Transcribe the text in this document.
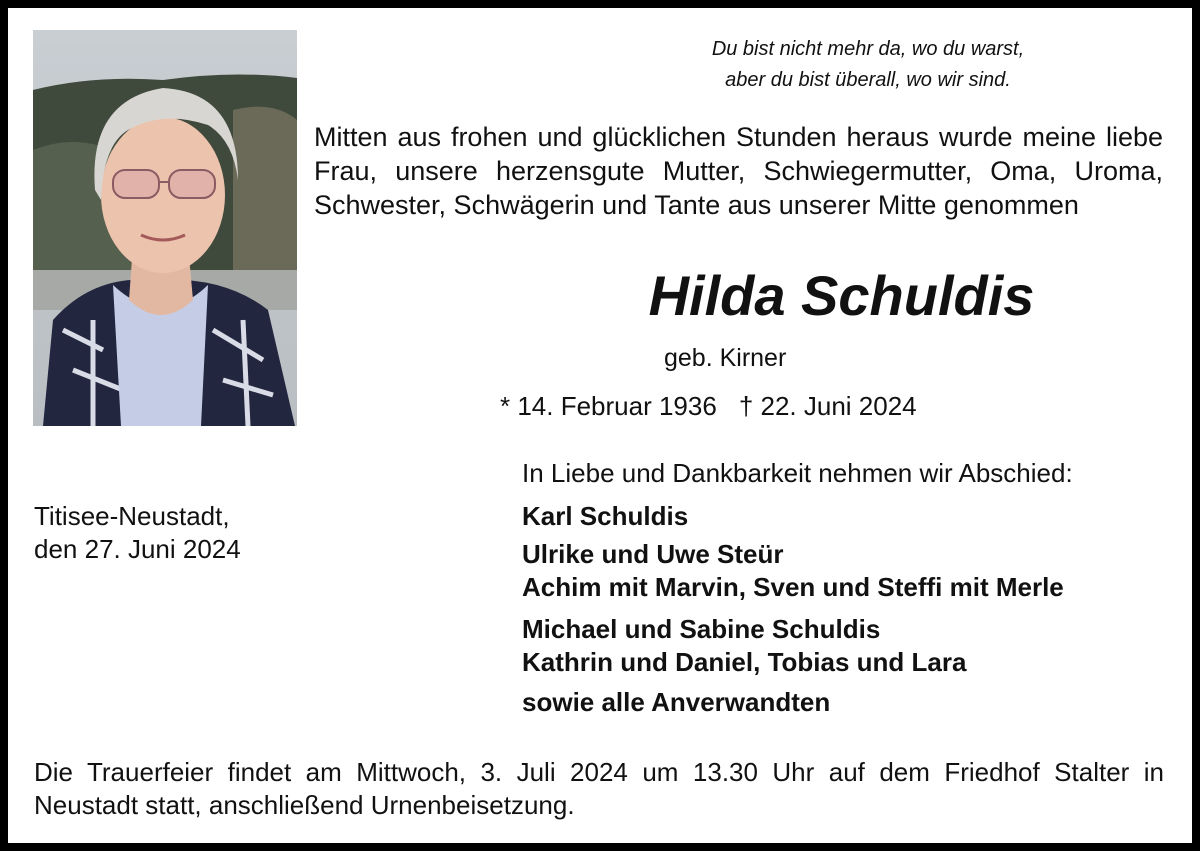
Du bist nicht mehr da, wo du warst,
aber du bist überall, wo wir sind.
Mitten aus frohen und glücklichen Stunden heraus wurde meine liebe Frau, unsere herzensgute Mutter, Schwiegermutter, Oma, Uroma, Schwester, Schwägerin und Tante aus unserer Mitte genommen
Hilda Schuldis
geb. Kirner
* 14. Februar 1936 † 22. Juni 2024
In Liebe und Dankbarkeit nehmen wir Abschied:
Karl Schuldis
Ulrike und Uwe Steür
Achim mit Marvin, Sven und Steffi mit Merle
Michael und Sabine Schuldis
Kathrin und Daniel, Tobias und Lara
sowie alle Anverwandten
Titisee-Neustadt,
den 27. Juni 2024
Die Trauerfeier findet am Mittwoch, 3. Juli 2024 um 13.30 Uhr auf dem Friedhof Stalter in Neustadt statt, anschließend Urnenbeisetzung.
